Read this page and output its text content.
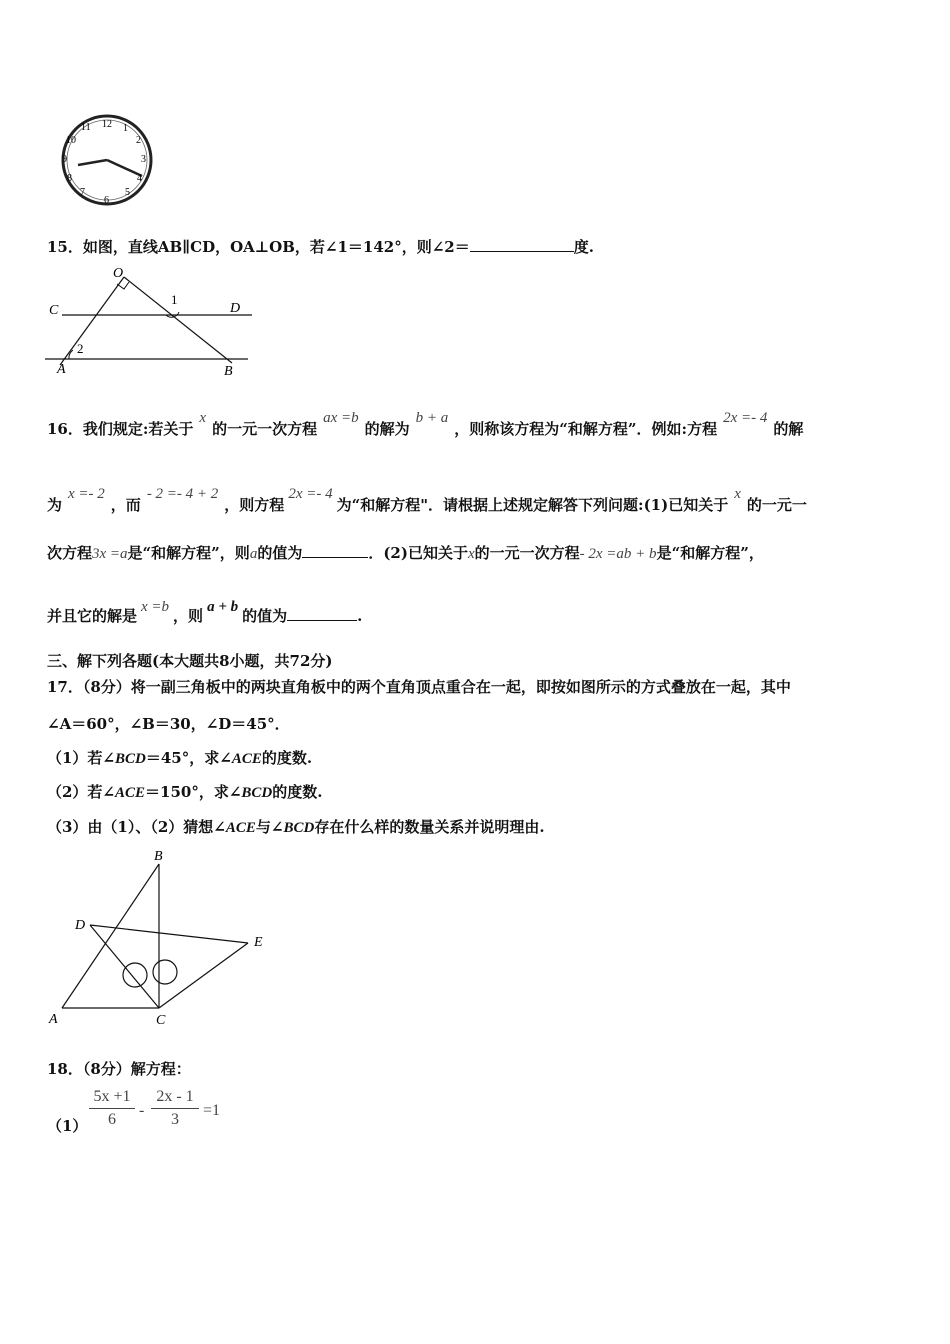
12 1
2
3
4
5
6
7
8
9
10
11
15．如图，直线AB∥CD，OA⊥OB，若∠1＝142°，则∠2＝	度.
O
C	D
1
2
A	B
16．我们规定:若关于x的一元一次方程ax =b的解为b + a，则称该方程为“和解方程”．例如:方程2x =- 4的解
为x =- 2，而- 2 =- 4 + 2，则方程2x =- 4为“和解方程"．请根据上述规定解答下列问题:(1)已知关于x的一元一
次方程3x =a是“和解方程”，则a的值为	．(2)已知关于x的一元一次方程- 2x =ab + b是“和解方程”，
并且它的解是 x =b ，则 a + b 的值为	.
三、解下列各题(本大题共8小题，共72分)
17．（8分）将一副三角板中的两块直角板中的两个直角顶点重合在一起，即按如图所示的方式叠放在一起，其中
∠A＝60°，∠B＝30，∠D＝45°．
（1）若∠BCD＝45°，求∠ACE的度数.
（2）若∠ACE＝150°，求∠BCD的度数.
（3）由（1）、（2）猜想∠ACE与∠BCD存在什么样的数量关系并说明理由.
B
D
E
A	C
18．（8分）解方程：
（1）
5x +1
6
-
2x - 1
3
=1
